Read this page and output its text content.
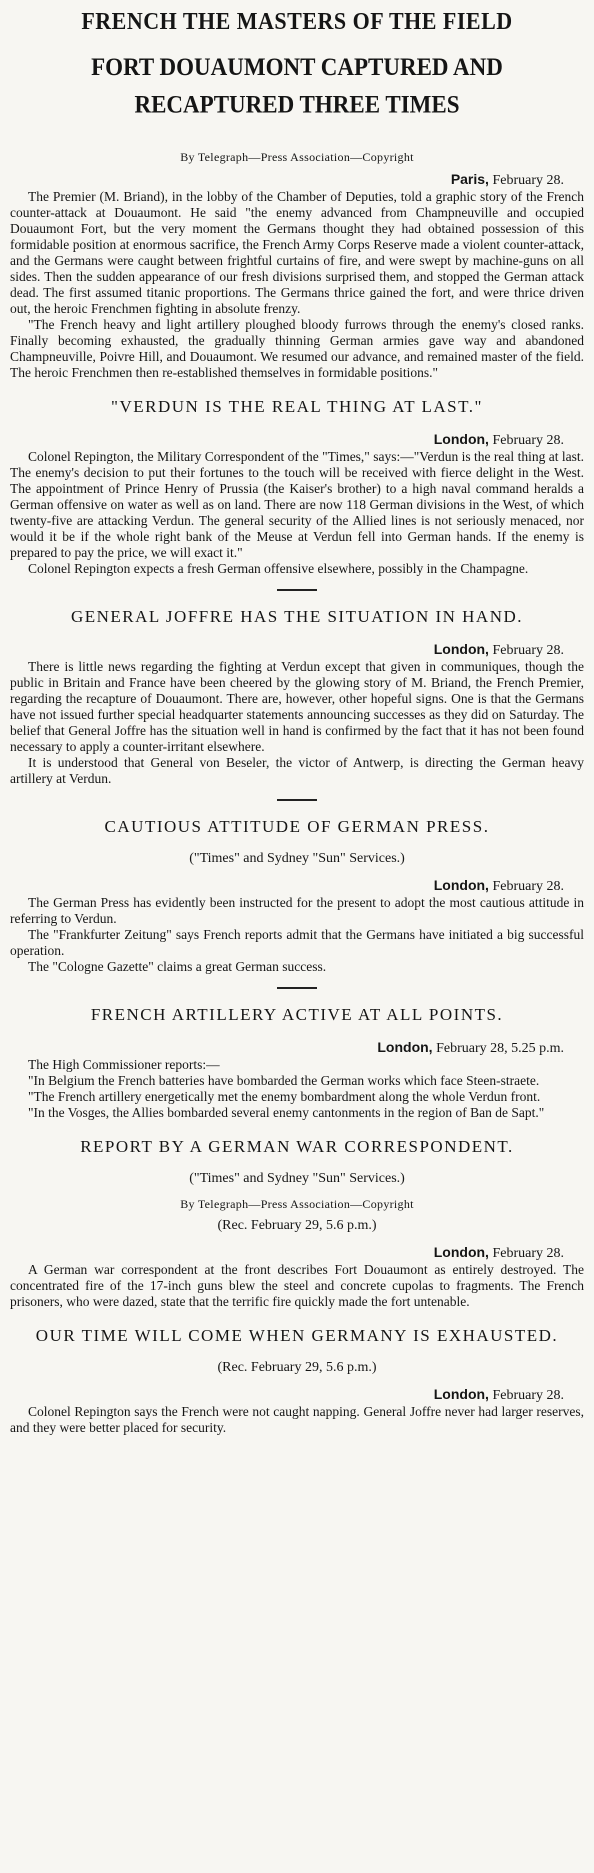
FRENCH THE MASTERS OF THE FIELD
FORT DOUAUMONT CAPTURED AND RECAPTURED THREE TIMES
By Telegraph—Press Association—Copyright
Paris, February 28.

The Premier (M. Briand), in the lobby of the Chamber of Deputies, told a graphic story of the French counter-attack at Douaumont. He said "the enemy advanced from Champneuville and occupied Douaumont Fort, but the very moment the Germans thought they had obtained possession of this formidable position at enormous sacrifice, the French Army Corps Reserve made a violent counter-attack, and the Germans were caught between frightful curtains of fire, and were swept by machine-guns on all sides. Then the sudden appearance of our fresh divisions surprised them, and stopped the German attack dead. The first assumed titanic proportions. The Germans thrice gained the fort, and were thrice driven out, the heroic Frenchmen fighting in absolute frenzy.

"The French heavy and light artillery ploughed bloody furrows through the enemy's closed ranks. Finally becoming exhausted, the gradually thinning German armies gave way and abandoned Champneuville, Poivre Hill, and Douaumont. We resumed our advance, and remained master of the field. The heroic Frenchmen then re-established themselves in formidable positions."

"VERDUN IS THE REAL THING AT LAST."
London, February 28.

Colonel Repington, the Military Correspondent of the "Times," says:—"Verdun is the real thing at last. The enemy's decision to put their fortunes to the touch will be received with fierce delight in the West. The appointment of Prince Henry of Prussia (the Kaiser's brother) to a high naval command heralds a German offensive on water as well as on land. There are now 118 German divisions in the West, of which twenty-five are attacking Verdun. The general security of the Allied lines is not seriously menaced, nor would it be if the whole right bank of the Meuse at Verdun fell into German hands. If the enemy is prepared to pay the price, we will exact it."

Colonel Repington expects a fresh German offensive elsewhere, possibly in the Champagne.

GENERAL JOFFRE HAS THE SITUATION IN HAND.
London, February 28.

There is little news regarding the fighting at Verdun except that given in communiques, though the public in Britain and France have been cheered by the glowing story of M. Briand, the French Premier, regarding the recapture of Douaumont. There are, however, other hopeful signs. One is that the Germans have not issued further special headquarter statements announcing successes as they did on Saturday. The belief that General Joffre has the situation well in hand is confirmed by the fact that it has not been found necessary to apply a counter-irritant elsewhere.

It is understood that General von Beseler, the victor of Antwerp, is directing the German heavy artillery at Verdun.

CAUTIOUS ATTITUDE OF GERMAN PRESS.
("Times" and Sydney "Sun" Services.)
London, February 28.

The German Press has evidently been instructed for the present to adopt the most cautious attitude in referring to Verdun.

The "Frankfurter Zeitung" says French reports admit that the Germans have initiated a big successful operation.

The "Cologne Gazette" claims a great German success.

FRENCH ARTILLERY ACTIVE AT ALL POINTS.
London, February 28, 5.25 p.m.

The High Commissioner reports:—

"In Belgium the French batteries have bombarded the German works which face Steen-straete.

"The French artillery energetically met the enemy bombardment along the whole Verdun front.

"In the Vosges, the Allies bombarded several enemy cantonments in the region of Ban de Sapt."

REPORT BY A GERMAN WAR CORRESPONDENT.
("Times" and Sydney "Sun" Services.)
By Telegraph—Press Association—Copyright
(Rec. February 29, 5.6 p.m.)
London, February 28.

A German war correspondent at the front describes Fort Douaumont as entirely destroyed. The concentrated fire of the 17-inch guns blew the steel and concrete cupolas to fragments. The French prisoners, who were dazed, state that the terrific fire quickly made the fort untenable.

OUR TIME WILL COME WHEN GERMANY IS EXHAUSTED.
(Rec. February 29, 5.6 p.m.)
London, February 28.

Colonel Repington says the French were not caught napping. General Joffre never had larger reserves, and they were better placed for security.
